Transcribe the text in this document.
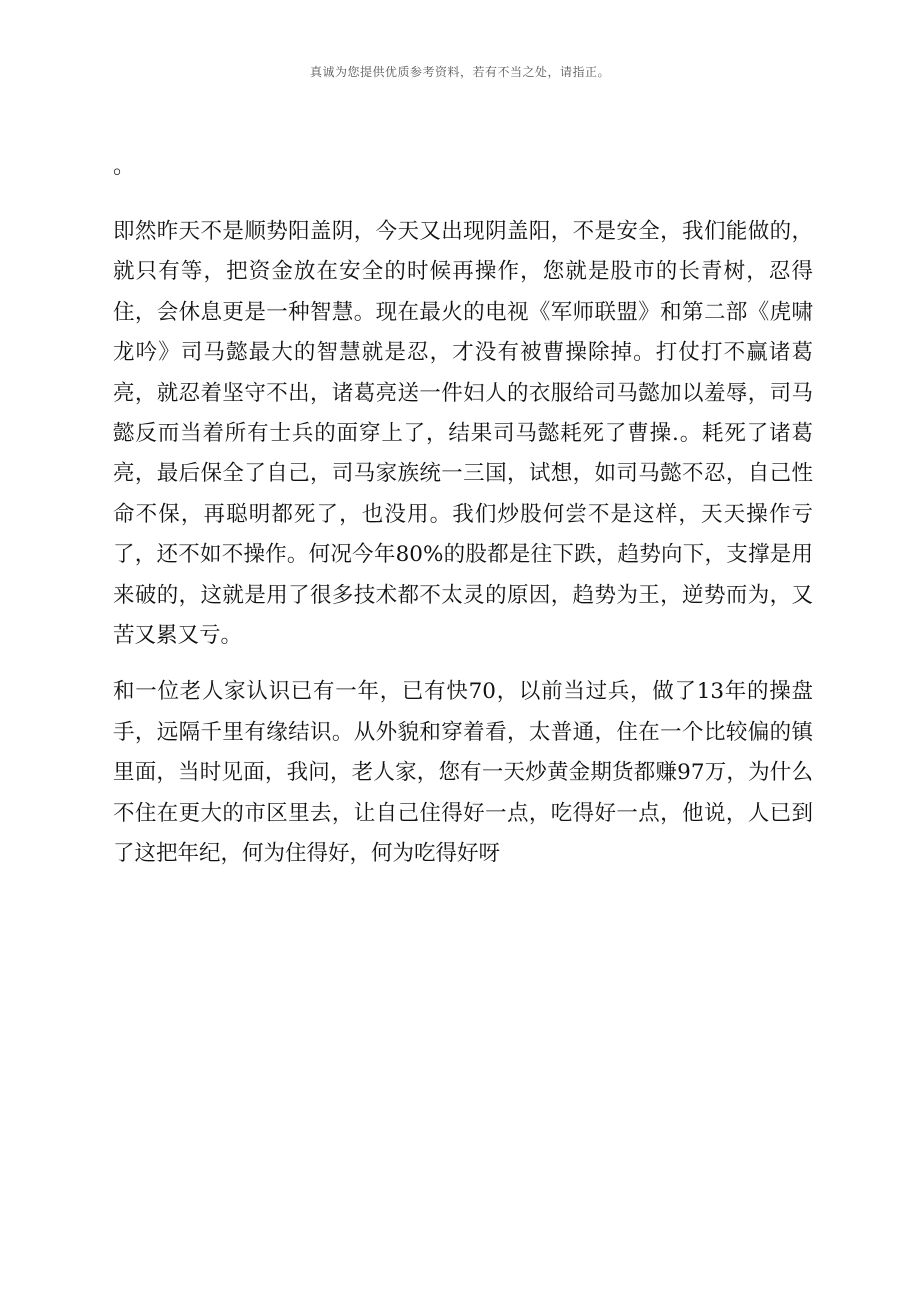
真诚为您提供优质参考资料，若有不当之处，请指正。
。

即然昨天不是顺势阳盖阴，今天又出现阴盖阳，不是安全，我们能做的，就只有等，把资金放在安全的时候再操作，您就是股市的长青树，忍得住，会休息更是一种智慧。现在最火的电视《军师联盟》和第二部《虎啸龙吟》司马懿最大的智慧就是忍，才没有被曹操除掉。打仗打不赢诸葛亮，就忍着坚守不出，诸葛亮送一件妇人的衣服给司马懿加以羞辱，司马懿反而当着所有士兵的面穿上了，结果司马懿耗死了曹操.。耗死了诸葛亮，最后保全了自己，司马家族统一三国，试想，如司马懿不忍，自己性命不保，再聪明都死了，也没用。我们炒股何尝不是这样，天天操作亏了，还不如不操作。何况今年80%的股都是往下跌，趋势向下，支撑是用来破的，这就是用了很多技术都不太灵的原因，趋势为王，逆势而为，又苦又累又亏。

和一位老人家认识已有一年，已有快70，以前当过兵，做了13年的操盘手，远隔千里有缘结识。从外貌和穿着看，太普通，住在一个比较偏的镇里面，当时见面，我问，老人家，您有一天炒黄金期货都赚97万，为什么不住在更大的市区里去，让自己住得好一点，吃得好一点，他说，人已到了这把年纪，何为住得好，何为吃得好呀
